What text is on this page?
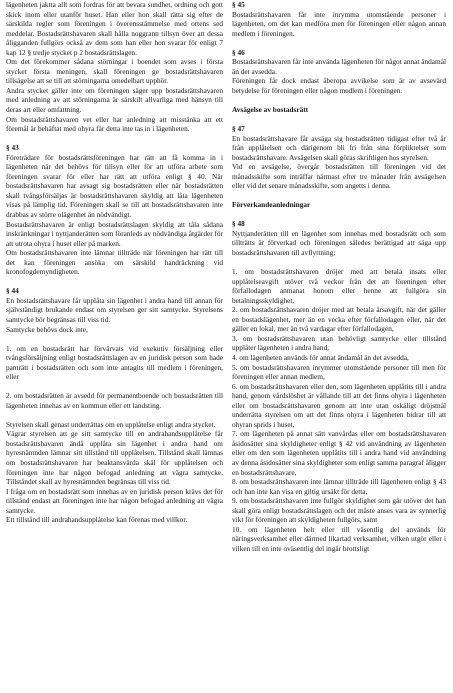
lägenheten jaktta allt som fordras för att bevara sundhet, ordning och gott skick inom eller utanför huset. Han eller hon skall rätta sig efter de särskilda regler som föreningen i överensstämmelse med ortens sed meddelar. Bostadsrättshavaren skall hålla noggrann tillsyn över att dessa åligganden fullgörs också av dem som han eller hon svarar för enligt 7 kap 12 § tredje stycket p 2 bostadsrättslagen.

Om det förekommer sådana störningar i boendet som avses i första stycket första meningen, skall föreningen ge bostadsrättshavaren tillsägelse att se till att störningarna omedelbart upphör.

Andra stycket gäller inte om föreningen säger upp bostadsrättshavaren med anledning av att störningarna är särskilt allvarliga med hänsyn till deras art eller omfattning.

Om bostadsrättshavaren vet eller har anledning att misstänka att ett föremål är behäftat med ohyra får detta inte tas in i lägenheten.

§ 43

Företrädare för bostadsrättsföreningen har rätt att få komma in i lägenheten när det behövs för tillsyn eller för att utföra arbete som föreningen svarar för eller har rätt att utföra enligt § 40. När bostadsrättshavaren har avsagt sig bostadsrätten eller när bostadsrätten skall tvångsförsäljas är bostadsrättshavaren skyldig att låta lägenheten visas på lämplig tid. Föreningen skall se till att bostadsrättshavaren inte drabbas av större olägenhet än nödvändigt.

Bostadsrättshavaren är enligt bostadsrättslagen skyldig att tåla sådana inskränkningar i nyttjanderätten som föranleds av nödvändiga åtgärder för att utrota ohyra i huset eller på marken.

Om bostadsrättshavaren inte lämnar tillträde när föreningen har rätt till det kan föreningen ansöka om särskild handräckning vid kronofogdemyndigheten.

§ 44

En bostadsrättshavare får upplåta sin lägenhet i andra hand till annan för självständigt brukande endast om styrelsen ger sitt samtycke. Styrelsens samtycke bör begränsas till viss tid.

Samtycke behövs dock inte,

1. om en bostadsrätt har förvärvats vid exekutiv försäljning eller tvångsförsäljning enligt bostadsrättslagen av en juridisk person som hade panträtt i bostadsrätten och som inte antagits till medlem i föreningen, eller

2. om bostadsrätten är avsedd för permanentboende och bostadsrätten till lägenheten innehas av en kommun eller ett landsting.

Styrelsen skall genast underrättas om en upplåtelse enligt andra stycket.

Vägrar styrelsen att ge sitt samtycke till en andrahandsupplåtelse får bostadsrättshavaren ändå upplåta sin lägenhet i andra hand om hyresnämnden lämnar sitt tillstånd till upplåtelsen. Tillstånd skall lämnas om bostadsrättshavaren har beaktansvärda skäl för upplåtelsen och föreningen inte har någon befogad anledning att vägra samtycke. Tillståndet skall av hyresnämnden begränsas till viss tid.

I fråga om en bostadsrätt som innehas av en juridisk person krävs det för tillstånd endast att föreningen inte har någon befogad anledning att vägra samtycke.

Ett tillstånd till andrahandsupplåtelse kan förenas med villkor.

§ 45

Bostadsrättshavaren får inte inrymma utomstående personer i lägenheten, om det kan medföra men för föreningen eller någon annan medlem i föreningen.

§ 46

Bostadsrättshavaren får inte använda lägenheten för något annat ändamål än det avsedda.

Föreningen får dock endast åberopa avvikelse som är av avsevärd betydelse för föreningen eller någon medlem i föreningen.

Avsägelse av bostadsrätt

§ 47

En bostadsrättshavare får avsäga sig bostadsrätten tidigast efter två år från upplåtelsen och därigenom bli fri från sina förpliktelser som bostadsrättshavare. Avsägelsen skall göras skriftligen hos styrelsen.

Vid en avsägelse, övergår bostadsrätten till föreningen vid det månadsskifte som inträffar närmast efter tre månader från avsägelsen eller vid det senare månadsskifte, som angetts i denna.

Förverkandeanledningar

§ 48

Nyttjanderätten till en lägenhet som innehas med bostadsrätt och som tillträtts är förverkad och föreningen således berättigad att säga upp bostadsrättshavaren till avflyttning;

1. om bostadsrättshavaren dröjer med att betala insats eller upplåtelseavgift utöver två veckor från det att föreningen efter förfallodagen anmanat honom eller henne att fullgöra sin betalningsskyldighet,

2. om bostadsrättshavaren dröjer med att betala årsavgift, när det gäller en bostadslägenhet, mer än en vecka efter förfallodagen eller, när det gäller en lokal, mer än två vardagar efter förfallodagen,

3. om bostadsrättshavaren utan behövligt samtycke eller tillstånd upplåter lägenheten i andra hand,

4. om lägenheten används för annat ändamål än det avsedda,

5. om bostadsrättshavaren inrymmer utomstående personer till men för föreningen eller annan medlem,

6. om bostadsrättshavaren eller den, som lägenheten upplåtits till i andra hand, genom vårdslöshet är vållande till att det finns ohyra i lägenheten eller om bostadsrättshavaren genom att inte utan oskäligt dröjsmål underrätta styrelsen om att det finns ohyra i lägenheten bidrar till att ohyran sprids i huset,

7. om lägenheten på annat sätt vanvårdas eller om bostadsrättshavaren åsidosätter sina skyldigheter enligt § 42 vid användning av lägenheten eller om den som lägenheten upplåtits till i andra hand vid användning av denna åsidosätter sina skyldigheter som enligt samma paragraf åligger en bostadsrättshavare,

8. om bostadsrättshavaren inte lämnar tillträde till lägenheten enligt § 43 och han inte kan visa en giltig ursäkt för detta,

9. om bostadsrättshavaren inte fullgör skyldighet som går utöver det han skall göra enligt bostadsrättslagen och det måste anses vara av synnerlig vikt för föreningen att skyldigheten fullgörs, samt

10. om lägenheten helt eller till väsentlig del används för näringsverksamhet eller därmed likartad verksamhet, vilken utgör eller i vilken till en inte oväsentlig del ingår brottsligt
